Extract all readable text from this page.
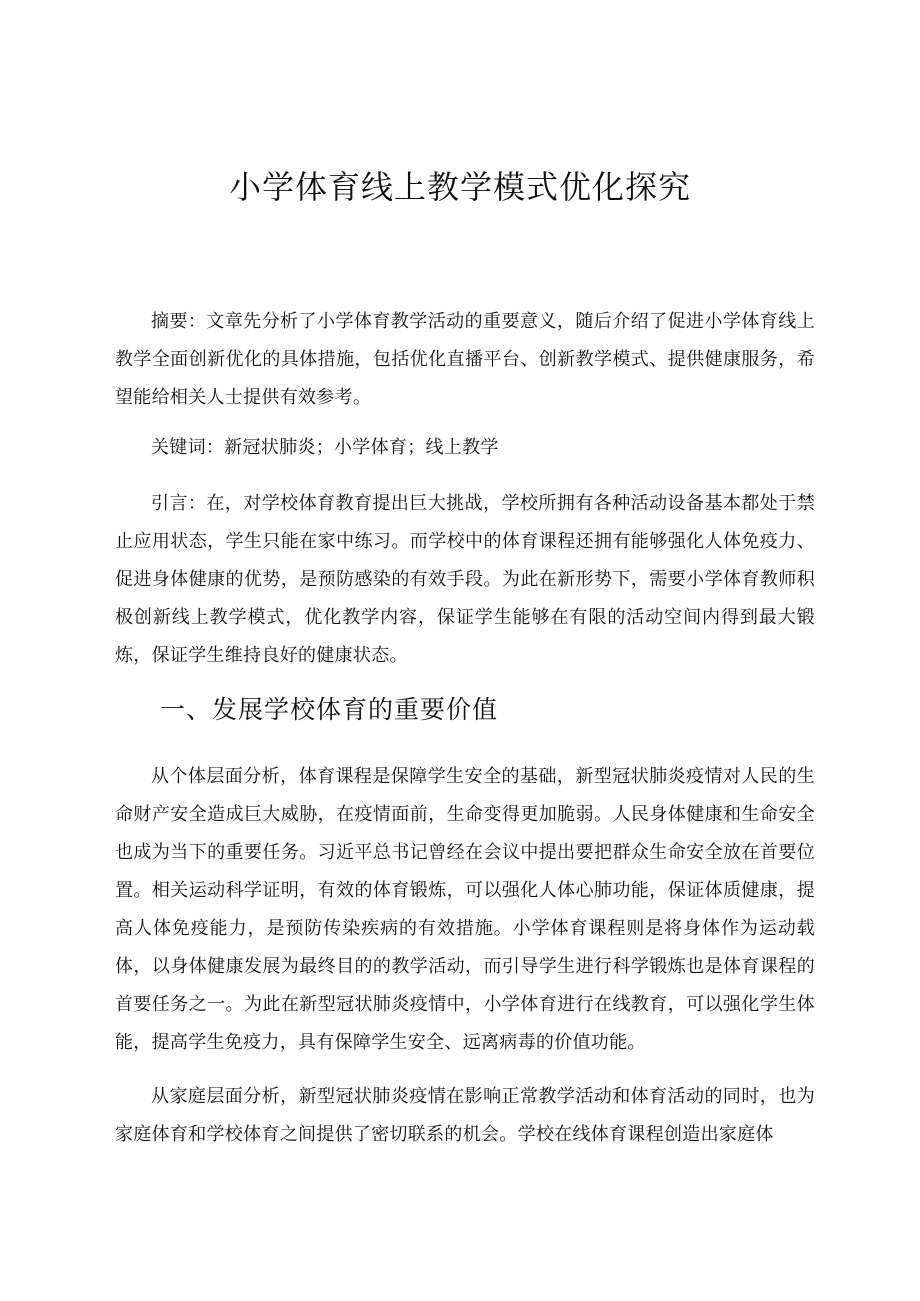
小学体育线上教学模式优化探究

摘要：文章先分析了小学体育教学活动的重要意义，随后介绍了促进小学体育线上教学全面创新优化的具体措施，包括优化直播平台、创新教学模式、提供健康服务，希望能给相关人士提供有效参考。

关键词：新冠状肺炎；小学体育；线上教学

引言：在，对学校体育教育提出巨大挑战，学校所拥有各种活动设备基本都处于禁止应用状态，学生只能在家中练习。而学校中的体育课程还拥有能够强化人体免疫力、促进身体健康的优势，是预防感染的有效手段。为此在新形势下，需要小学体育教师积极创新线上教学模式，优化教学内容，保证学生能够在有限的活动空间内得到最大锻炼，保证学生维持良好的健康状态。

一、发展学校体育的重要价值

从个体层面分析，体育课程是保障学生安全的基础，新型冠状肺炎疫情对人民的生命财产安全造成巨大威胁，在疫情面前，生命变得更加脆弱。人民身体健康和生命安全也成为当下的重要任务。习近平总书记曾经在会议中提出要把群众生命安全放在首要位置。相关运动科学证明，有效的体育锻炼，可以强化人体心肺功能，保证体质健康，提高人体免疫能力，是预防传染疾病的有效措施。小学体育课程则是将身体作为运动载体，以身体健康发展为最终目的的教学活动，而引导学生进行科学锻炼也是体育课程的首要任务之一。为此在新型冠状肺炎疫情中，小学体育进行在线教育，可以强化学生体能，提高学生免疫力，具有保障学生安全、远离病毒的价值功能。

从家庭层面分析，新型冠状肺炎疫情在影响正常教学活动和体育活动的同时，也为家庭体育和学校体育之间提供了密切联系的机会。学校在线体育课程创造出家庭体
